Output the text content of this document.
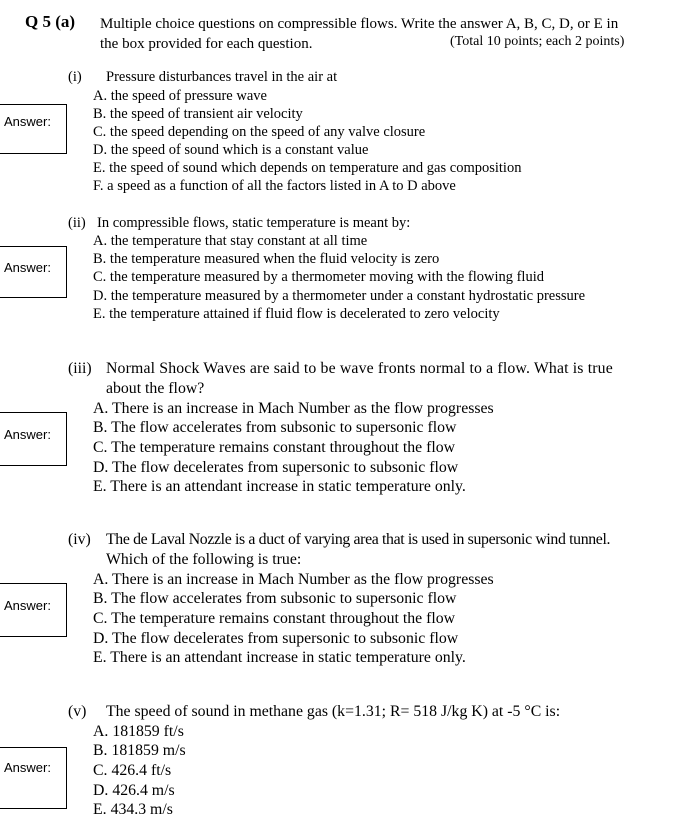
Q 5 (a) Multiple choice questions on compressible flows. Write the answer A, B, C, D, or E in
the box provided for each question.	(Total 10 points; each 2 points)
Answer:
(i) Pressure disturbances travel in the air at
A. the speed of pressure wave
B. the speed of transient air velocity
C. the speed depending on the speed of any valve closure
D. the speed of sound which is a constant value
E. the speed of sound which depends on temperature and gas composition
F. a speed as a function of all the factors listed in A to D above
Answer:
(ii) In compressible flows, static temperature is meant by:
A. the temperature that stay constant at all time
B. the temperature measured when the fluid velocity is zero
C. the temperature measured by a thermometer moving with the flowing fluid
D. the temperature measured by a thermometer under a constant hydrostatic pressure
E. the temperature attained if fluid flow is decelerated to zero velocity
Answer:
(iii) Normal Shock Waves are said to be wave fronts normal to a flow. What is true
about the flow?
A. There is an increase in Mach Number as the flow progresses
B. The flow accelerates from subsonic to supersonic flow
C. The temperature remains constant throughout the flow
D. The flow decelerates from supersonic to subsonic flow
E. There is an attendant increase in static temperature only.
Answer:
(iv) The de Laval Nozzle is a duct of varying area that is used in supersonic wind tunnel.
Which of the following is true:
A. There is an increase in Mach Number as the flow progresses
B. The flow accelerates from subsonic to supersonic flow
C. The temperature remains constant throughout the flow
D. The flow decelerates from supersonic to subsonic flow
E. There is an attendant increase in static temperature only.
Answer:
(v) The speed of sound in methane gas (k=1.31; R= 518 J/kg K) at -5 °C is:
A. 181859 ft/s
B. 181859 m/s
C. 426.4 ft/s
D. 426.4 m/s
E. 434.3 m/s
